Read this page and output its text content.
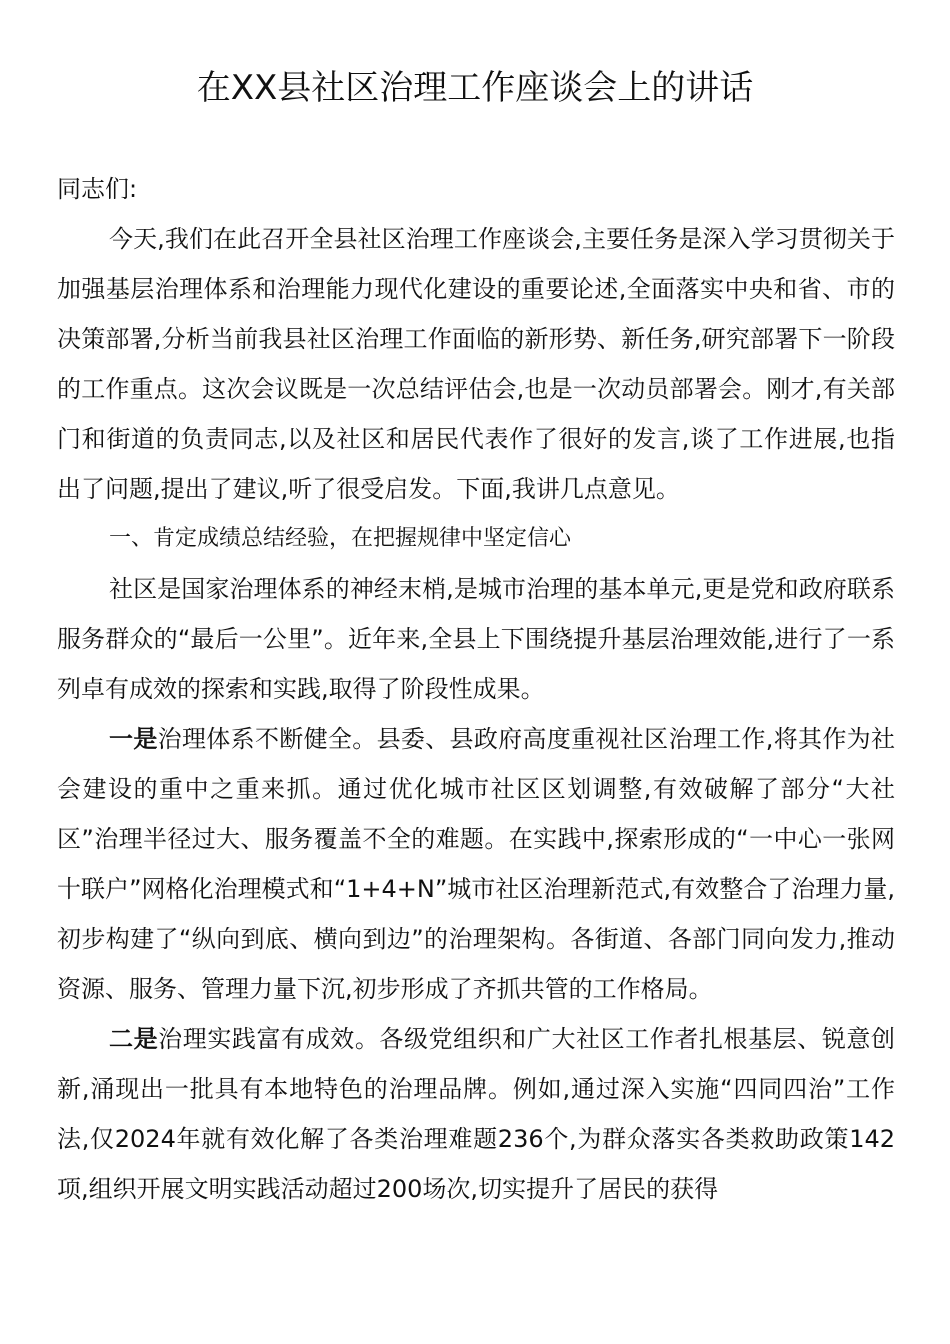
在XX县社区治理工作座谈会上的讲话

同志们:

今天,我们在此召开全县社区治理工作座谈会,主要任务是深入学习贯彻关于加强基层治理体系和治理能力现代化建设的重要论述,全面落实中央和省、市的决策部署,分析当前我县社区治理工作面临的新形势、新任务,研究部署下一阶段的工作重点。这次会议既是一次总结评估会,也是一次动员部署会。刚才,有关部门和街道的负责同志,以及社区和居民代表作了很好的发言,谈了工作进展,也指出了问题,提出了建议,听了很受启发。下面,我讲几点意见。

一、肯定成绩总结经验，在把握规律中坚定信心

社区是国家治理体系的神经末梢,是城市治理的基本单元,更是党和政府联系服务群众的“最后一公里”。近年来,全县上下围绕提升基层治理效能,进行了一系列卓有成效的探索和实践,取得了阶段性成果。

一是治理体系不断健全。县委、县政府高度重视社区治理工作,将其作为社会建设的重中之重来抓。通过优化城市社区区划调整,有效破解了部分“大社区”治理半径过大、服务覆盖不全的难题。在实践中,探索形成的“一中心一张网十联户”网格化治理模式和“1+4+N”城市社区治理新范式,有效整合了治理力量,初步构建了“纵向到底、横向到边”的治理架构。各街道、各部门同向发力,推动资源、服务、管理力量下沉,初步形成了齐抓共管的工作格局。

二是治理实践富有成效。各级党组织和广大社区工作者扎根基层、锐意创新,涌现出一批具有本地特色的治理品牌。例如,通过深入实施“四同四治”工作法,仅2024年就有效化解了各类治理难题236个,为群众落实各类救助政策142项,组织开展文明实践活动超过200场次,切实提升了居民的获得
